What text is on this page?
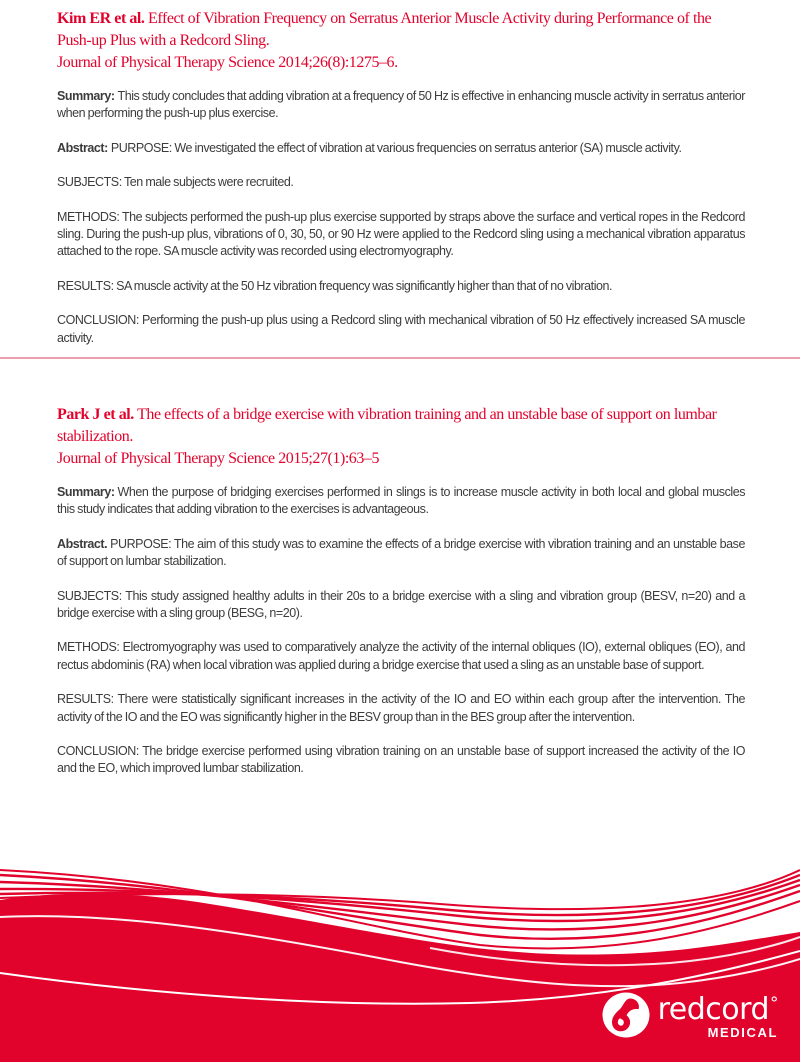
Kim ER et al. Effect of Vibration Frequency on Serratus Anterior Muscle Activity during Performance of the Push-up Plus with a Redcord Sling.
Journal of Physical Therapy Science 2014;26(8):1275–6.

Summary: This study concludes that adding vibration at a frequency of 50 Hz is effective in enhancing muscle activity in serratus anterior when performing the push-up plus exercise.

Abstract: PURPOSE: We investigated the effect of vibration at various frequencies on serratus anterior (SA) muscle activity.

SUBJECTS: Ten male subjects were recruited.

METHODS: The subjects performed the push-up plus exercise supported by straps above the surface and vertical ropes in the Redcord sling. During the push-up plus, vibrations of 0, 30, 50, or 90 Hz were applied to the Redcord sling using a mechanical vibration apparatus attached to the rope. SA muscle activity was recorded using electromyography.

RESULTS: SA muscle activity at the 50 Hz vibration frequency was significantly higher than that of no vibration.

CONCLUSION: Performing the push-up plus using a Redcord sling with mechanical vibration of 50 Hz effectively increased SA muscle activity.

Park J et al. The effects of a bridge exercise with vibration training and an unstable base of support on lumbar stabilization.
Journal of Physical Therapy Science 2015;27(1):63–5

Summary: When the purpose of bridging exercises performed in slings is to increase muscle activity in both local and global muscles this study indicates that adding vibration to the exercises is advantageous.

Abstract. PURPOSE: The aim of this study was to examine the effects of a bridge exercise with vibration training and an unstable base of support on lumbar stabilization.

SUBJECTS: This study assigned healthy adults in their 20s to a bridge exercise with a sling and vibration group (BESV, n=20) and a bridge exercise with a sling group (BESG, n=20).

METHODS: Electromyography was used to comparatively analyze the activity of the internal obliques (IO), external obliques (EO), and rectus abdominis (RA) when local vibration was applied during a bridge exercise that used a sling as an unstable base of support.

RESULTS: There were statistically significant increases in the activity of the IO and EO within each group after the intervention. The activity of the IO and the EO was significantly higher in the BESV group than in the BES group after the intervention.

CONCLUSION: The bridge exercise performed using vibration training on an unstable base of support increased the activity of the IO and the EO, which improved lumbar stabilization.

redcord°
MEDICAL
